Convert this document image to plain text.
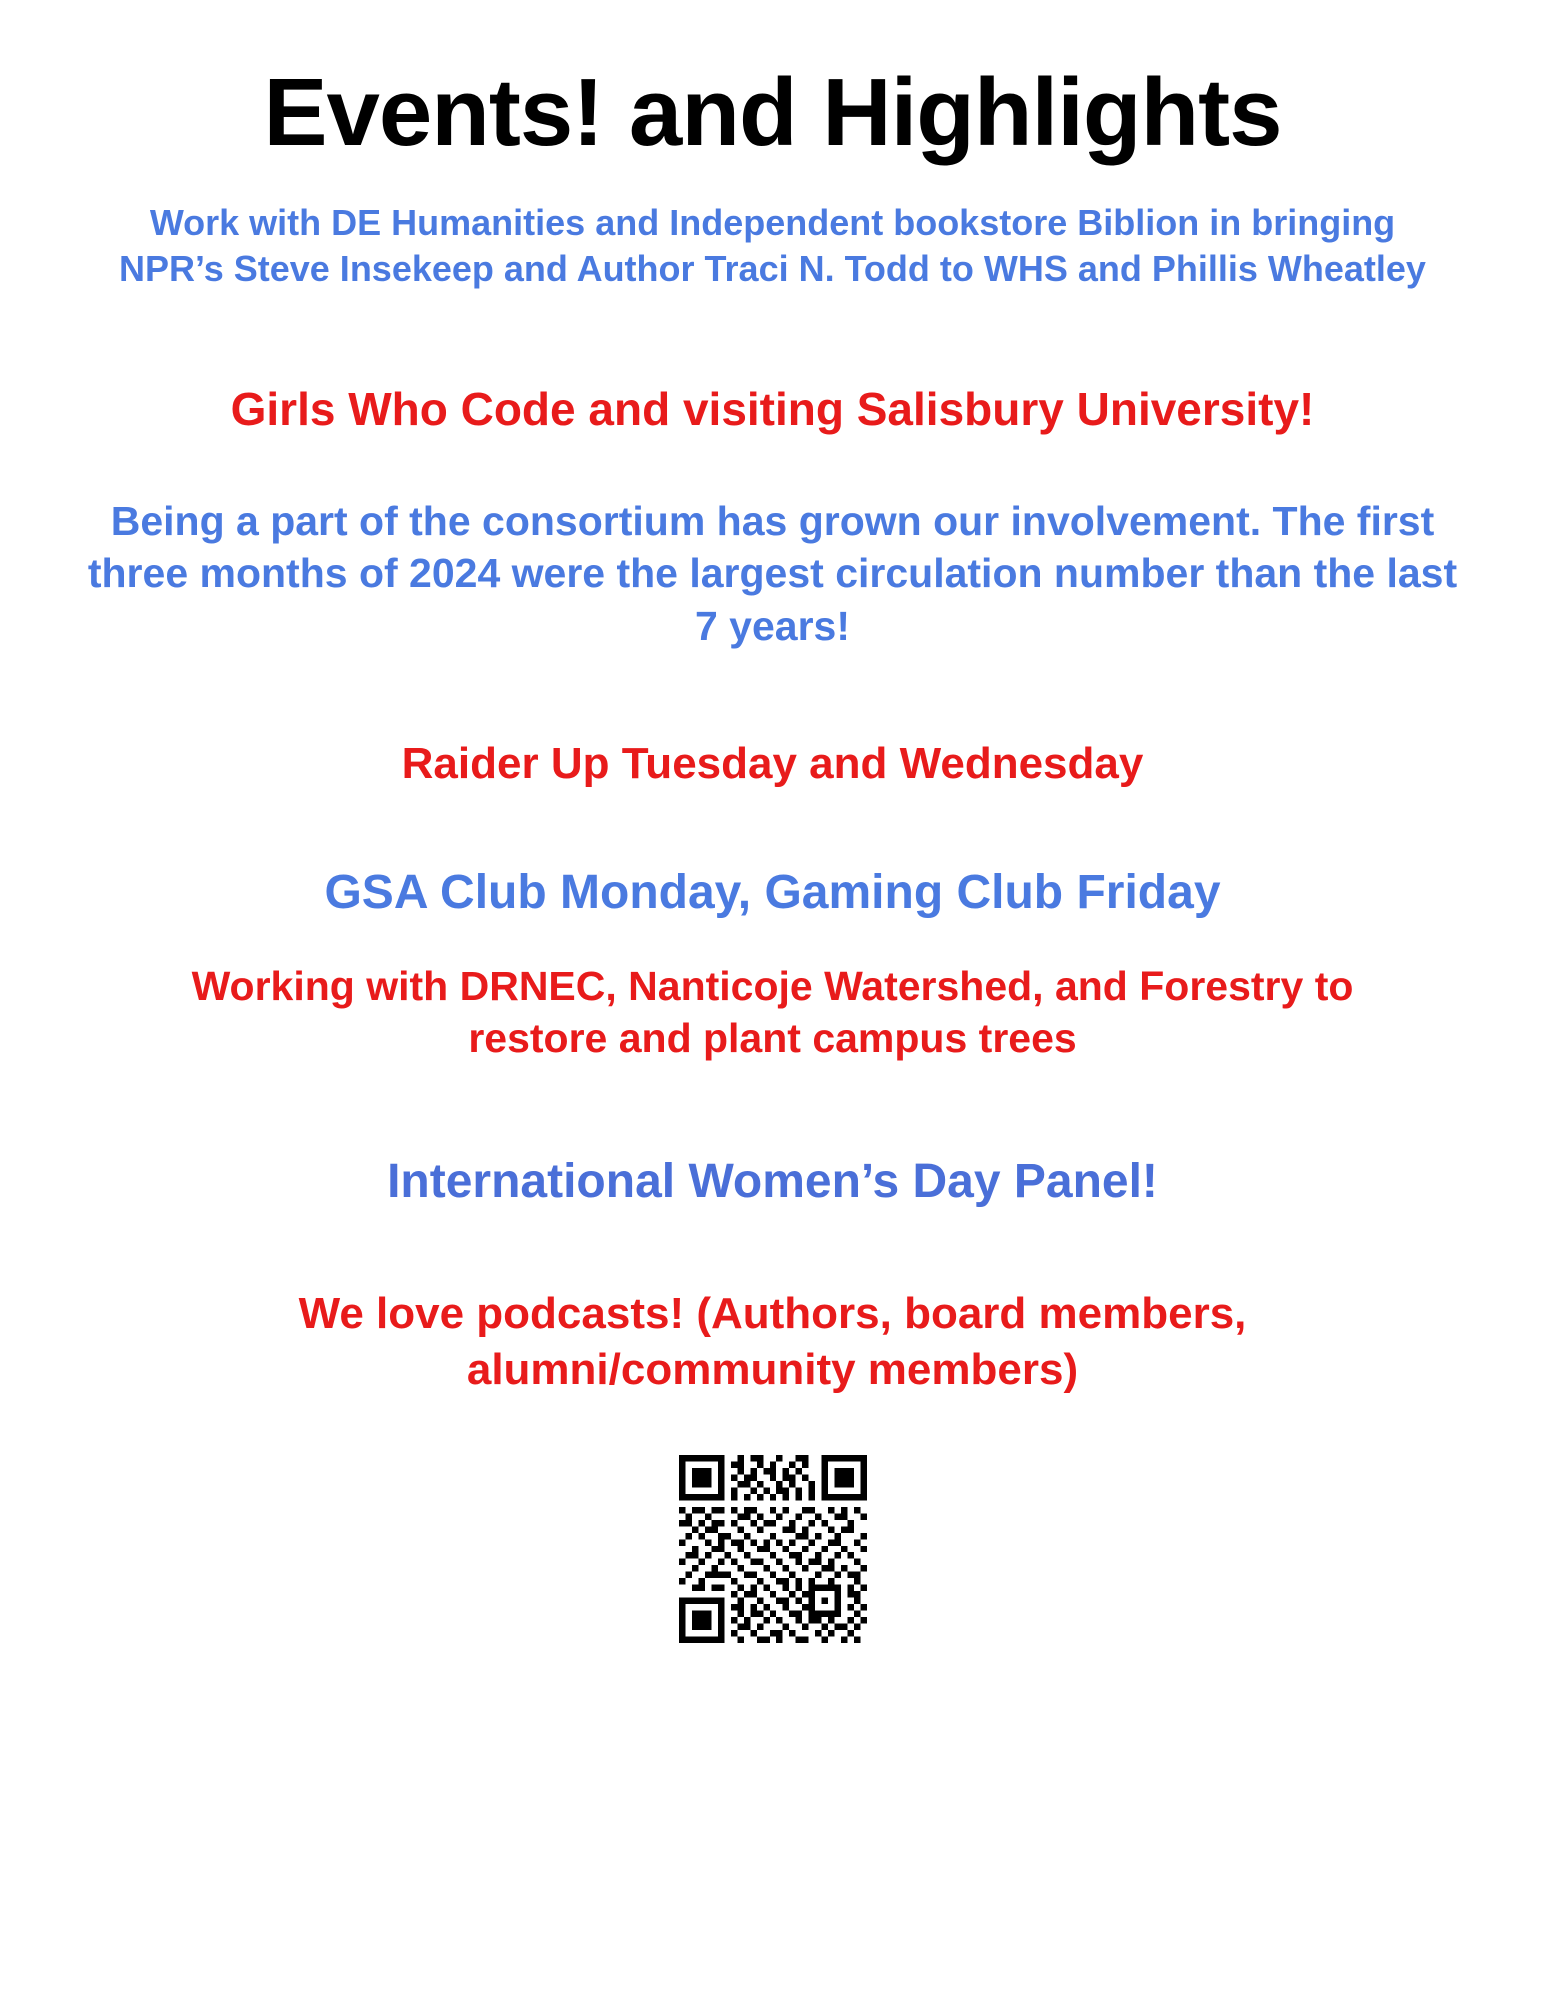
Events! and Highlights

Work with DE Humanities and Independent bookstore Biblion in bringing NPR’s Steve Insekeep and Author Traci N. Todd to WHS and Phillis Wheatley

Girls Who Code and visiting Salisbury University!

Being a part of the consortium has grown our involvement. The first three months of 2024 were the largest circulation number than the last 7 years!

Raider Up Tuesday and Wednesday

GSA Club Monday, Gaming Club Friday

Working with DRNEC, Nanticoje Watershed, and Forestry to restore and plant campus trees

International Women’s Day Panel!

We love podcasts! (Authors, board members, alumni/community members)
